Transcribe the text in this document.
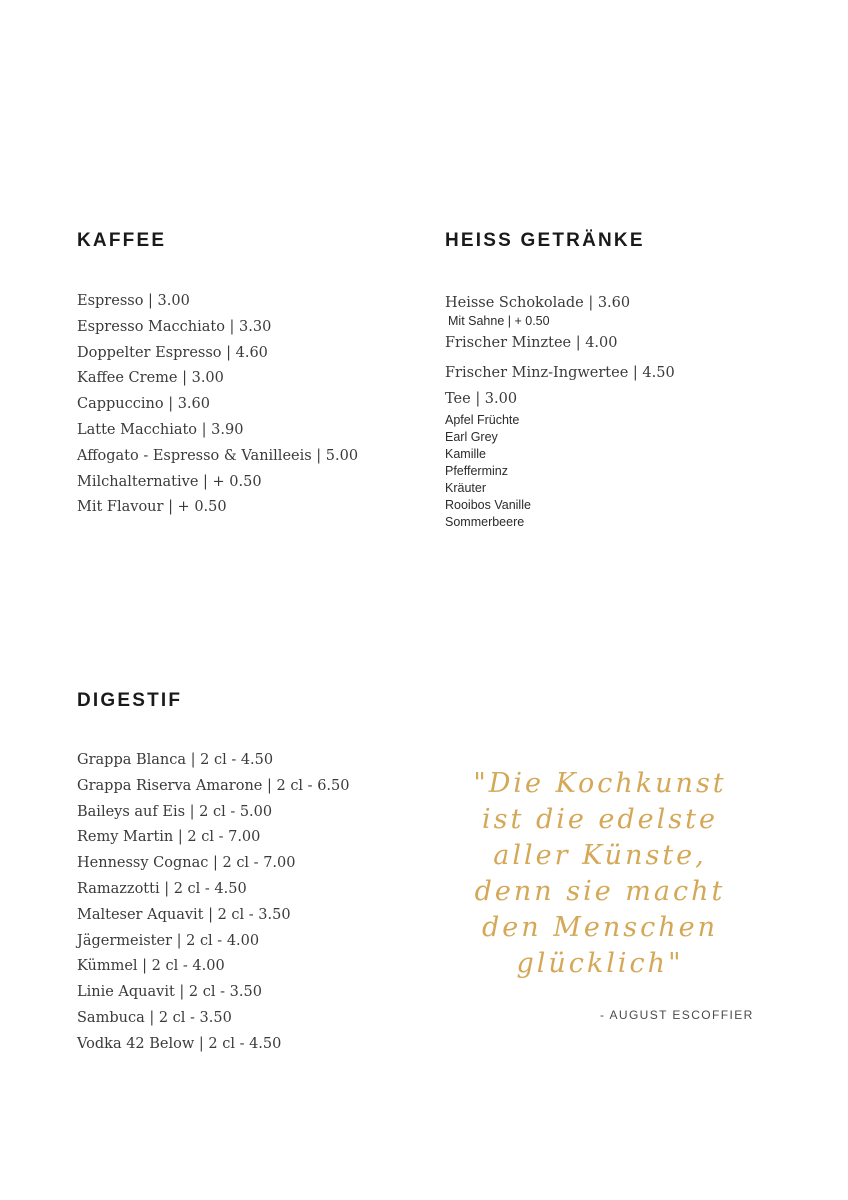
KAFFEE
Espresso | 3.00
Espresso Macchiato | 3.30
Doppelter Espresso | 4.60
Kaffee Creme | 3.00
Cappuccino | 3.60
Latte Macchiato | 3.90
Affogato - Espresso & Vanilleeis | 5.00
Milchalternative | + 0.50
Mit Flavour | + 0.50
HEISS GETRÄNKE
Heisse Schokolade | 3.60
Mit Sahne | + 0.50
Frischer Minztee | 4.00
Frischer Minz-Ingwertee | 4.50
Tee | 3.00
Apfel Früchte
Earl Grey
Kamille
Pfefferminz
Kräuter
Rooibos Vanille
Sommerbeere
DIGESTIF
Grappa Blanca | 2 cl - 4.50
Grappa Riserva Amarone | 2 cl - 6.50
Baileys auf Eis | 2 cl - 5.00
Remy Martin | 2 cl - 7.00
Hennessy Cognac | 2 cl - 7.00
Ramazzotti | 2 cl - 4.50
Malteser Aquavit | 2 cl - 3.50
Jägermeister | 2 cl - 4.00
Kümmel | 2 cl - 4.00
Linie Aquavit | 2 cl - 3.50
Sambuca | 2 cl - 3.50
Vodka 42 Below | 2 cl - 4.50

"Die Kochkunst
ist die edelste
aller Künste,
denn sie macht
den Menschen
glücklich"

- AUGUST ESCOFFIER
